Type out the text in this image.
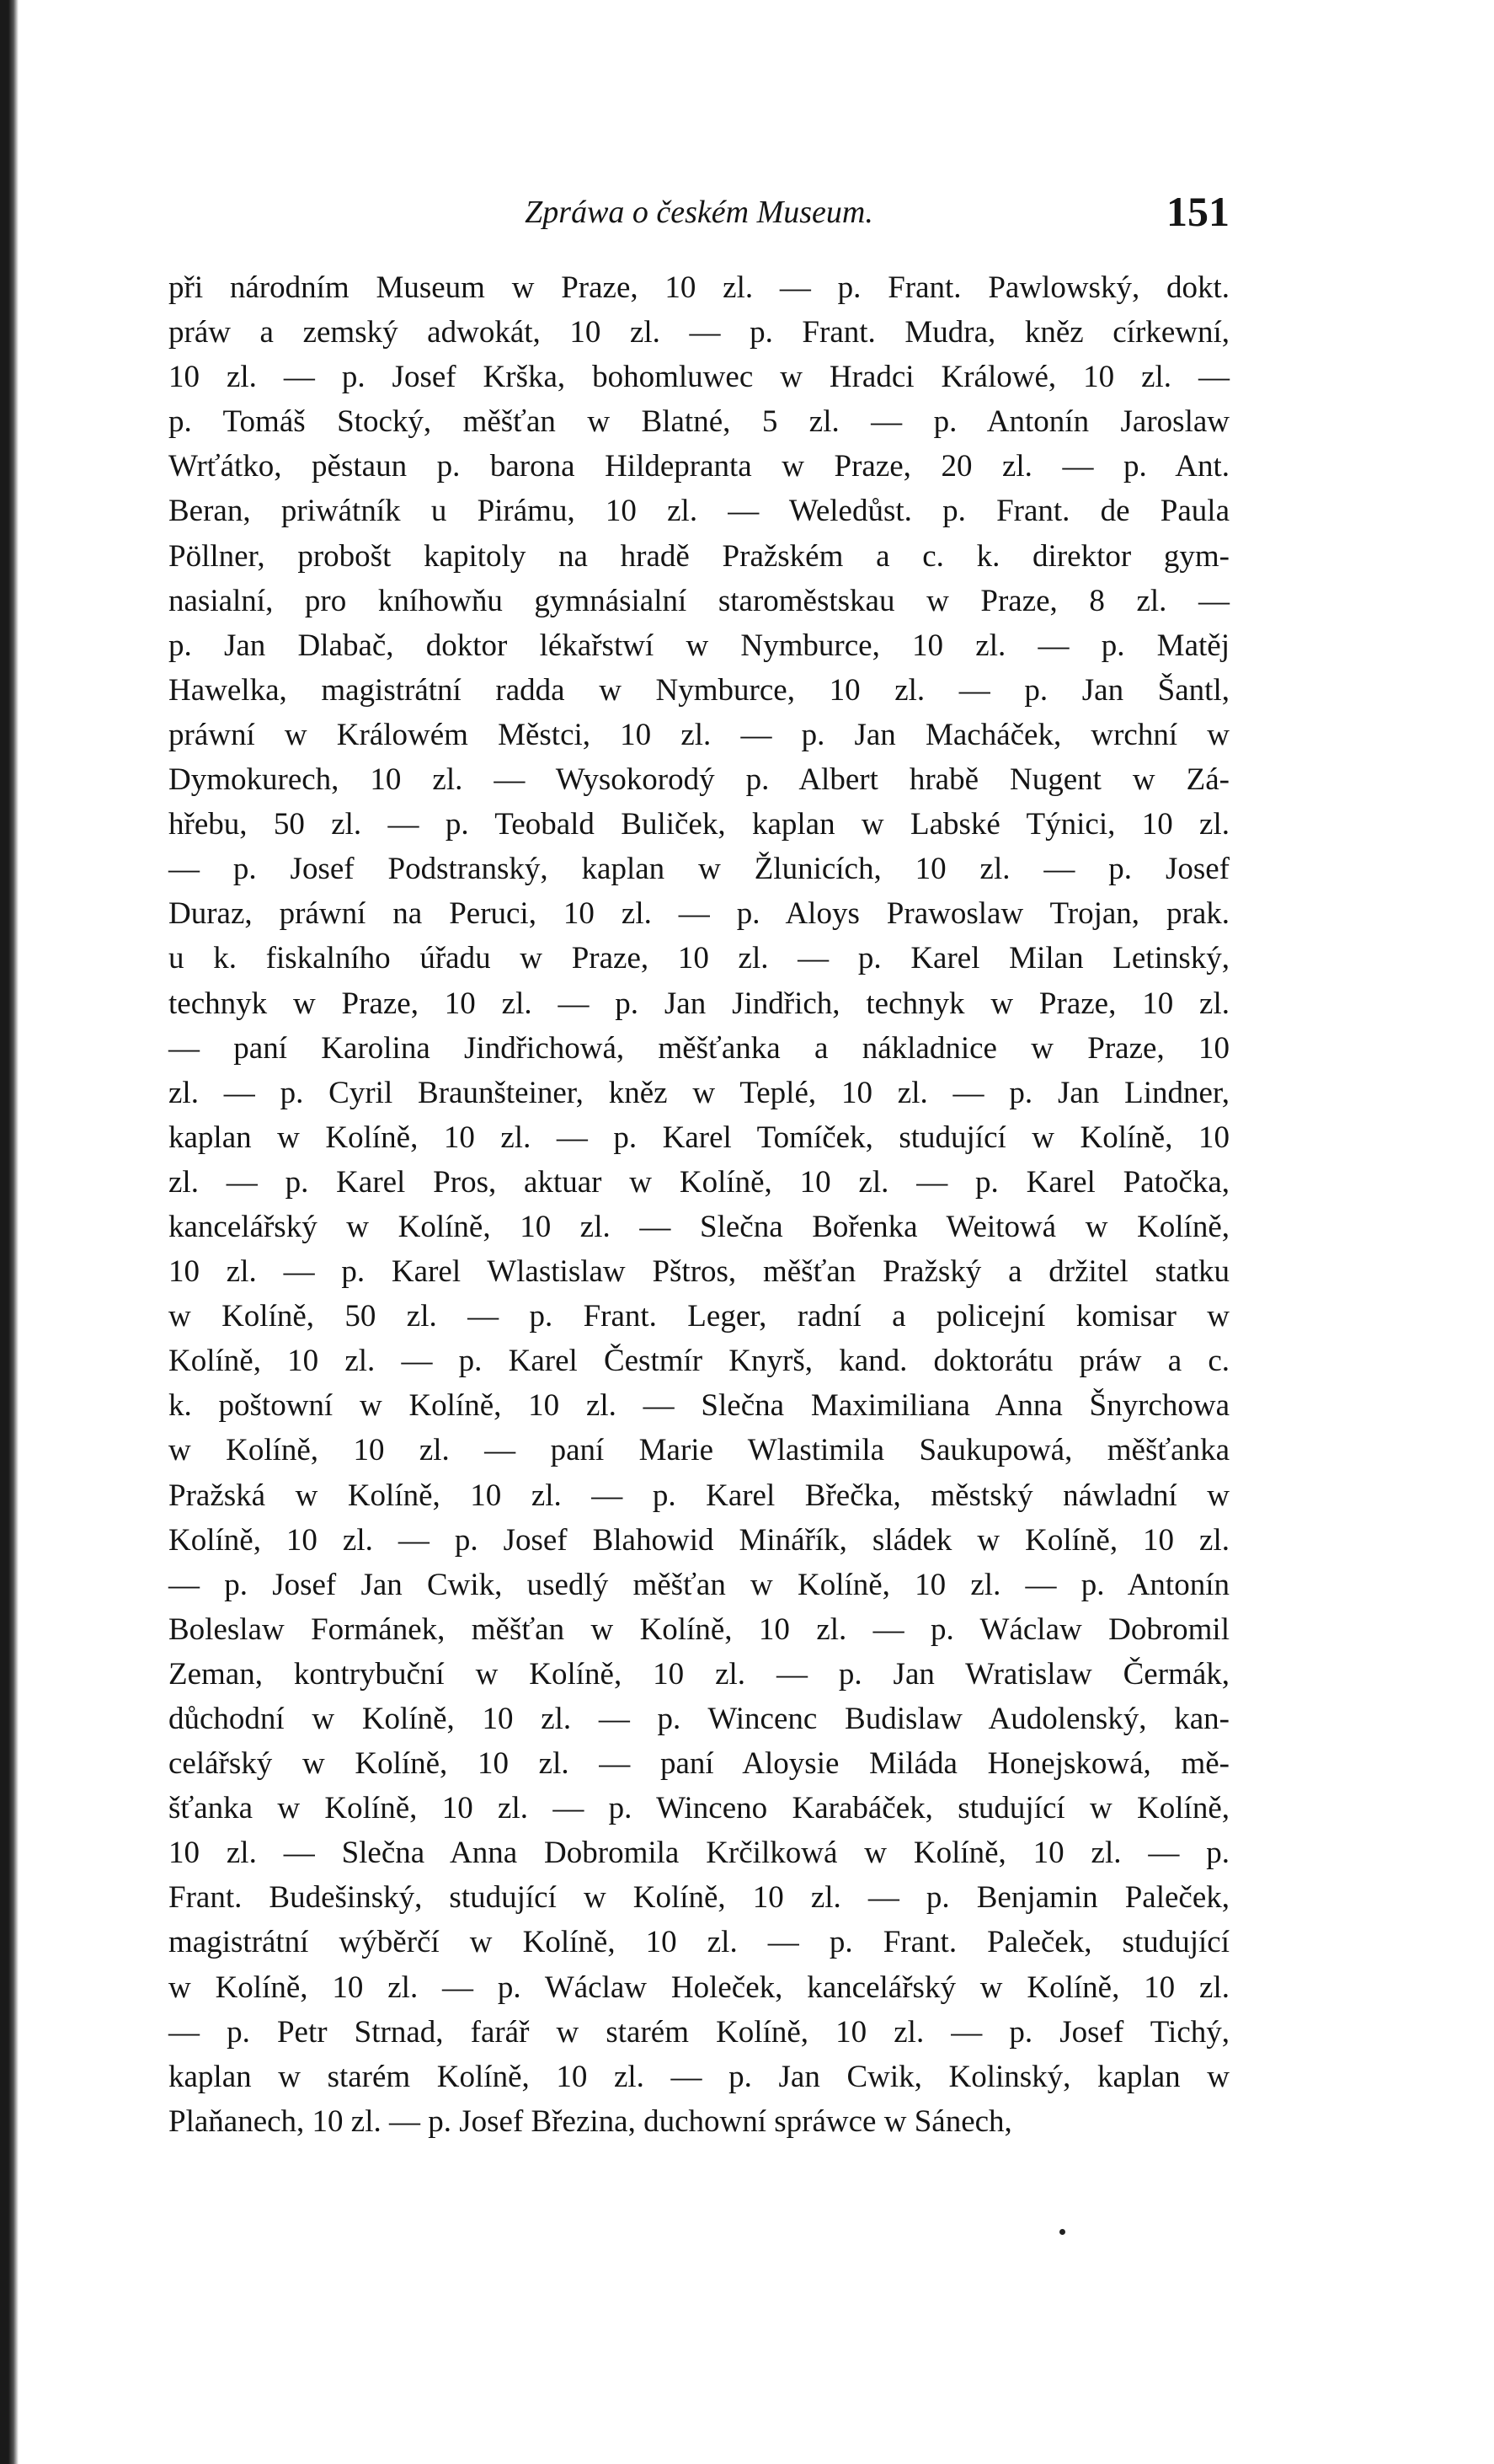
Zpráwa o českém Museum.	151
při národním Museum w Praze, 10 zl. — p. Frant. Pawlowský, dokt.
práw a zemský adwokát, 10 zl. — p. Frant. Mudra, kněz církewní,
10 zl. — p. Josef Krška, bohomluwec w Hradci Králowé, 10 zl. —
p. Tomáš Stocký, měšťan w Blatné, 5 zl. — p. Antonín Jaroslaw
Wrťátko, pěstaun p. barona Hildepranta w Praze, 20 zl. — p. Ant.
Beran, priwátník u Pirámu, 10 zl. — Weledůst. p. Frant. de Paula
Pöllner, probošt kapitoly na hradě Pražském a c. k. direktor gym-
nasialní, pro kníhowňu gymnásialní staroměstskau w Praze, 8 zl. —
p. Jan Dlabač, doktor lékařstwí w Nymburce, 10 zl. — p. Matěj
Hawelka, magistrátní radda w Nymburce, 10 zl. — p. Jan Šantl,
práwní w Králowém Městci, 10 zl. — p. Jan Macháček, wrchní w
Dymokurech, 10 zl. — Wysokorodý p. Albert hrabě Nugent w Zá-
hřebu, 50 zl. — p. Teobald Buliček, kaplan w Labské Týnici, 10 zl.
— p. Josef Podstranský, kaplan w Žlunicích, 10 zl. — p. Josef
Duraz, práwní na Peruci, 10 zl. — p. Aloys Prawoslaw Trojan, prak.
u k. fiskalního úřadu w Praze, 10 zl. — p. Karel Milan Letinský,
technyk w Praze, 10 zl. — p. Jan Jindřich, technyk w Praze, 10 zl.
— paní Karolina Jindřichowá, měšťanka a nákladnice w Praze, 10
zl. — p. Cyril Braunšteiner, kněz w Teplé, 10 zl. — p. Jan Lindner,
kaplan w Kolíně, 10 zl. — p. Karel Tomíček, studující w Kolíně, 10
zl. — p. Karel Pros, aktuar w Kolíně, 10 zl. — p. Karel Patočka,
kancelářský w Kolíně, 10 zl. — Slečna Bořenka Weitowá w Kolíně,
10 zl. — p. Karel Wlastislaw Pštros, měšťan Pražský a držitel statku
w Kolíně, 50 zl. — p. Frant. Leger, radní a policejní komisar w
Kolíně, 10 zl. — p. Karel Čestmír Knyrš, kand. doktorátu práw a c.
k. poštowní w Kolíně, 10 zl. — Slečna Maximiliana Anna Šnyrchowa
w Kolíně, 10 zl. — paní Marie Wlastimila Saukupowá, měšťanka
Pražská w Kolíně, 10 zl. — p. Karel Břečka, městský náwladní w
Kolíně, 10 zl. — p. Josef Blahowid Minářík, sládek w Kolíně, 10 zl.
— p. Josef Jan Cwik, usedlý měšťan w Kolíně, 10 zl. — p. Antonín
Boleslaw Formánek, měšťan w Kolíně, 10 zl. — p. Wáclaw Dobromil
Zeman, kontrybuční w Kolíně, 10 zl. — p. Jan Wratislaw Čermák,
důchodní w Kolíně, 10 zl. — p. Wincenc Budislaw Audolenský, kan-
celářský w Kolíně, 10 zl. — paní Aloysie Miláda Honejskowá, mě-
šťanka w Kolíně, 10 zl. — p. Winceno Karabáček, studující w Kolíně,
10 zl. — Slečna Anna Dobromila Krčilkowá w Kolíně, 10 zl. — p.
Frant. Budešinský, studující w Kolíně, 10 zl. — p. Benjamin Paleček,
magistrátní wýběrčí w Kolíně, 10 zl. — p. Frant. Paleček, studující
w Kolíně, 10 zl. — p. Wáclaw Holeček, kancelářský w Kolíně, 10 zl.
— p. Petr Strnad, farář w starém Kolíně, 10 zl. — p. Josef Tichý,
kaplan w starém Kolíně, 10 zl. — p. Jan Cwik, Kolinský, kaplan w
Plaňanech, 10 zl. — p. Josef Březina, duchowní spráwce w Sánech,
